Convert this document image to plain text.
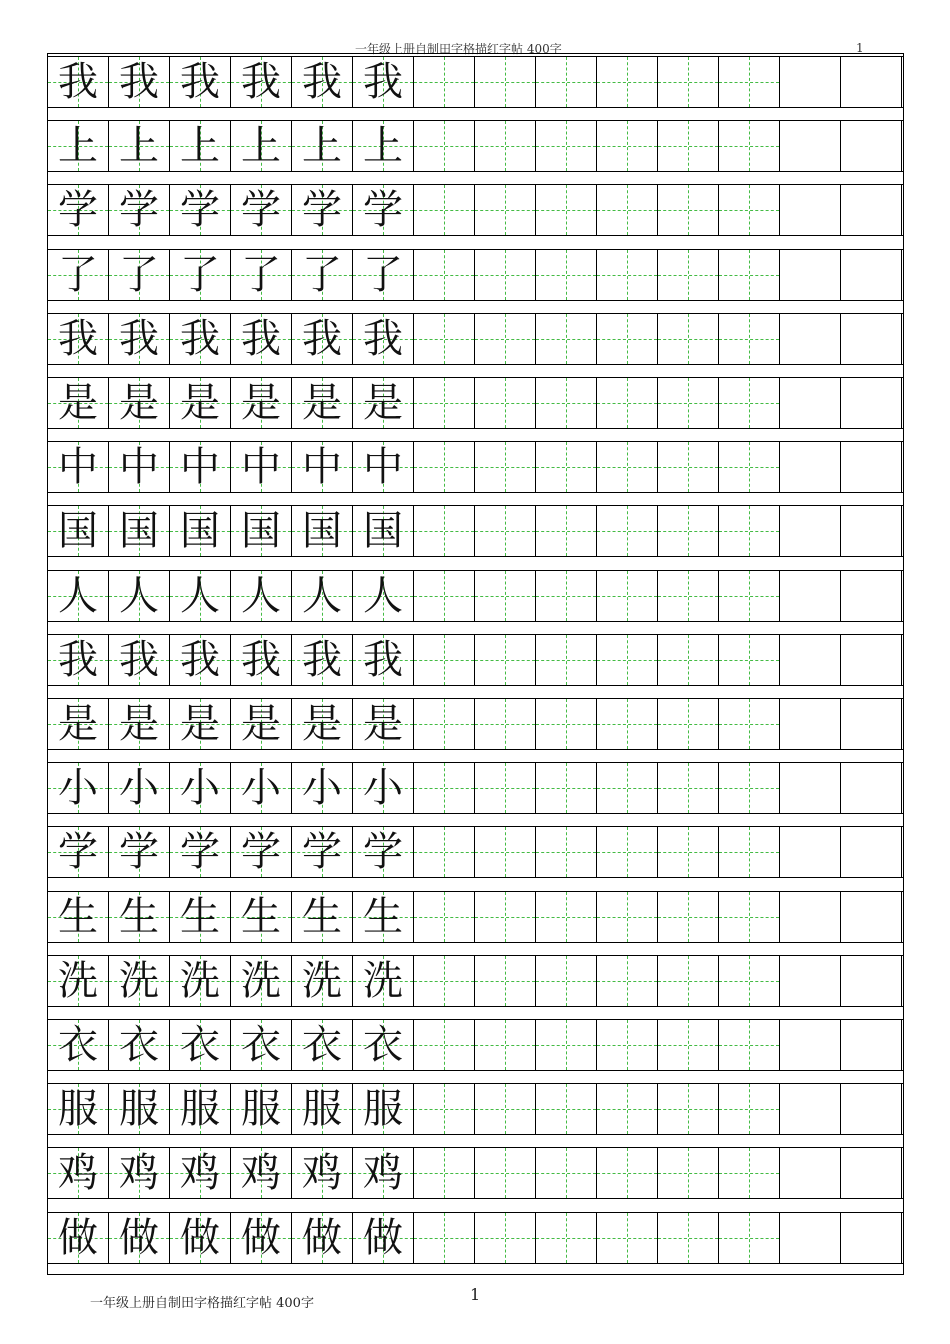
一年级上册自制田字格描红字帖 400字	1
我 我 我 我 我 我
上 上 上 上 上 上
学 学 学 学 学 学
了 了 了 了 了 了
我 我 我 我 我 我
是 是 是 是 是 是
中 中 中 中 中 中
国 国 国 国 国 国
人 人 人 人 人 人
我 我 我 我 我 我
是 是 是 是 是 是
小 小 小 小 小 小
学 学 学 学 学 学
生 生 生 生 生 生
洗 洗 洗 洗 洗 洗
衣 衣 衣 衣 衣 衣
服 服 服 服 服 服
鸡 鸡 鸡 鸡 鸡 鸡
做 做 做 做 做 做
一年级上册自制田字格描红字帖 400字	1
